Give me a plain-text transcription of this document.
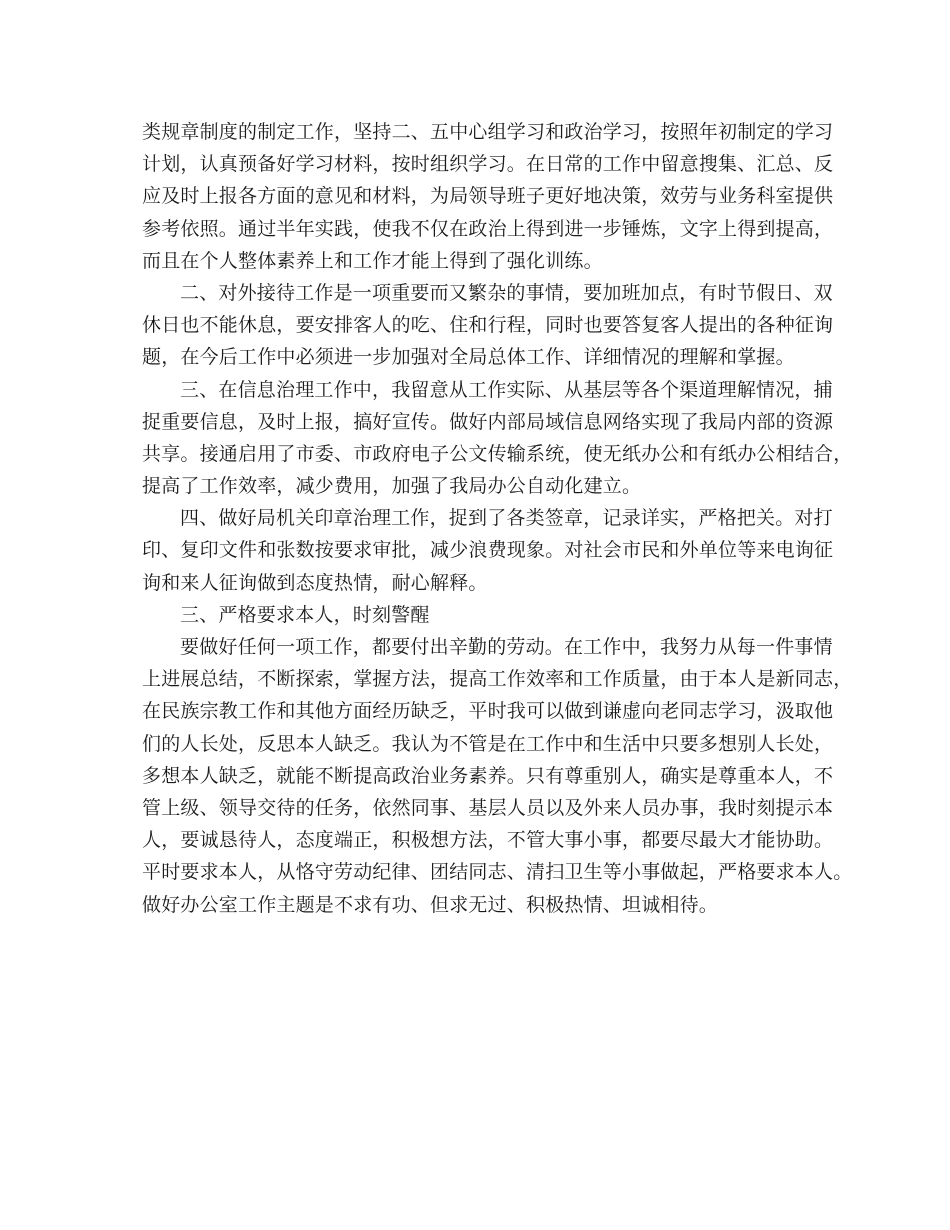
类规章制度的制定工作，坚持二、五中心组学习和政治学习，按照年初制定的学习
计划，认真预备好学习材料，按时组织学习。在日常的工作中留意搜集、汇总、反
应及时上报各方面的意见和材料，为局领导班子更好地决策，效劳与业务科室提供
参考依照。通过半年实践，使我不仅在政治上得到进一步锤炼，文字上得到提高，
而且在个人整体素养上和工作才能上得到了强化训练。
二、对外接待工作是一项重要而又繁杂的事情，要加班加点，有时节假日、双
休日也不能休息，要安排客人的吃、住和行程，同时也要答复客人提出的各种征询
题，在今后工作中必须进一步加强对全局总体工作、详细情况的理解和掌握。
三、在信息治理工作中，我留意从工作实际、从基层等各个渠道理解情况，捕
捉重要信息，及时上报，搞好宣传。做好内部局域信息网络实现了我局内部的资源
共享。接通启用了市委、市政府电子公文传输系统，使无纸办公和有纸办公相结合，
提高了工作效率，减少费用，加强了我局办公自动化建立。
四、做好局机关印章治理工作，捉到了各类签章，记录详实，严格把关。对打
印、复印文件和张数按要求审批，减少浪费现象。对社会市民和外单位等来电询征
询和来人征询做到态度热情，耐心解释。
三、严格要求本人，时刻警醒
要做好任何一项工作，都要付出辛勤的劳动。在工作中，我努力从每一件事情
上进展总结，不断探索，掌握方法，提高工作效率和工作质量，由于本人是新同志，
在民族宗教工作和其他方面经历缺乏，平时我可以做到谦虚向老同志学习，汲取他
们的人长处，反思本人缺乏。我认为不管是在工作中和生活中只要多想别人长处，
多想本人缺乏，就能不断提高政治业务素养。只有尊重别人，确实是尊重本人，不
管上级、领导交待的任务，依然同事、基层人员以及外来人员办事，我时刻提示本
人，要诚恳待人，态度端正，积极想方法，不管大事小事，都要尽最大才能协助。
平时要求本人，从恪守劳动纪律、团结同志、清扫卫生等小事做起，严格要求本人。
做好办公室工作主题是不求有功、但求无过、积极热情、坦诚相待。
